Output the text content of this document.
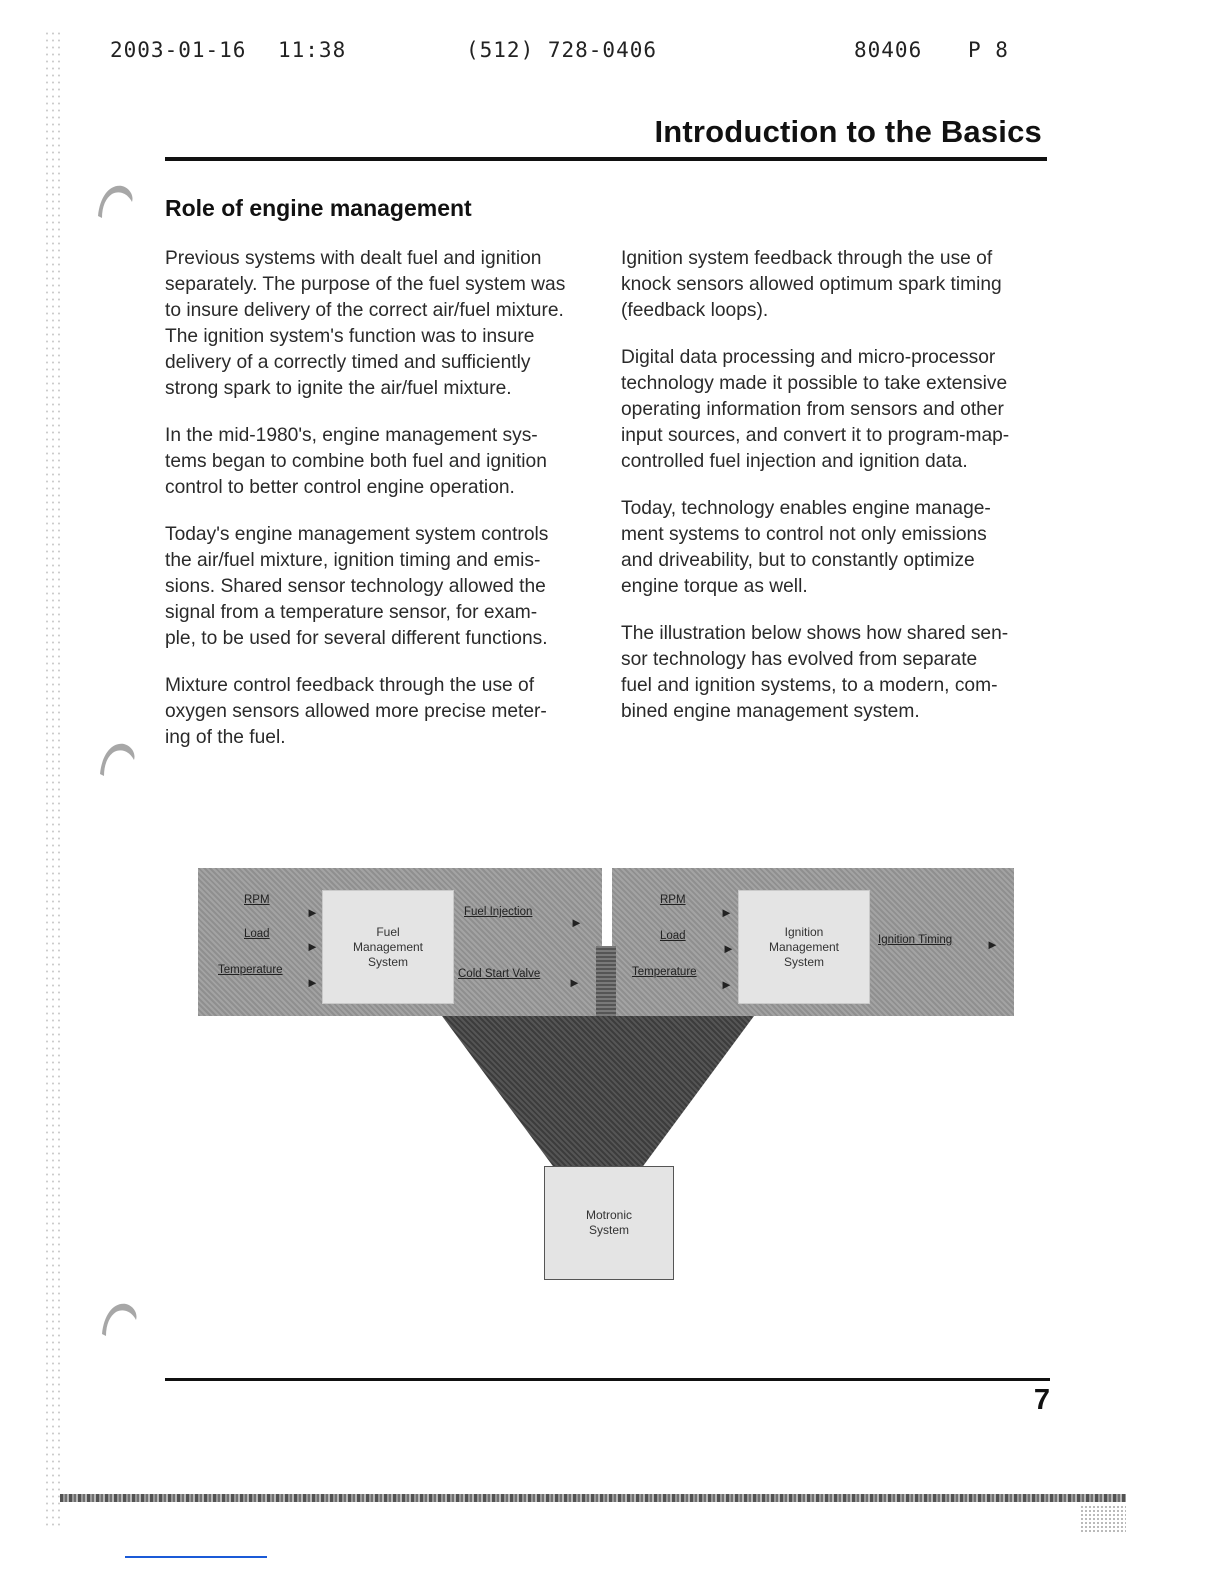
2003-01-16 11:38	(512) 728-0406	80406 P 8
Introduction to the Basics
Role of engine management

Previous systems with dealt fuel and ignition
separately. The purpose of the fuel system was
to insure delivery of the correct air/fuel mixture.
The ignition system's function was to insure
delivery of a correctly timed and sufficiently
strong spark to ignite the air/fuel mixture.

In the mid-1980's, engine management sys-
tems began to combine both fuel and ignition
control to better control engine operation.

Today's engine management system controls
the air/fuel mixture, ignition timing and emis-
sions. Shared sensor technology allowed the
signal from a temperature sensor, for exam-
ple, to be used for several different functions.

Mixture control feedback through the use of
oxygen sensors allowed more precise meter-
ing of the fuel.

Ignition system feedback through the use of
knock sensors allowed optimum spark timing
(feedback loops).

Digital data processing and micro-processor
technology made it possible to take extensive
operating information from sensors and other
input sources, and convert it to program-map-
controlled fuel injection and ignition data.

Today, technology enables engine manage-
ment systems to control not only emissions
and driveability, but to constantly optimize
engine torque as well.

The illustration below shows how shared sen-
sor technology has evolved from separate
fuel and ignition systems, to a modern, com-
bined engine management system.

RPM
►
Load
►
Temperature
►
Fuel
Management
System
Fuel Injection
►
Cold Start Valve
►
RPM
►
Load
►
Temperature
►
Ignition
Management
System
Ignition Timing	►
Motronic
System
7
